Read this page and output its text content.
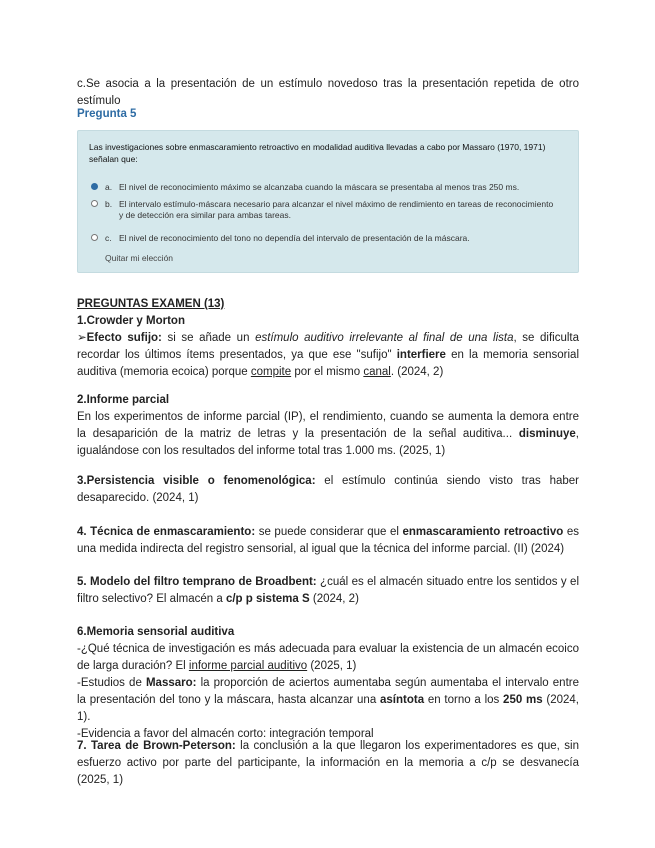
c.Se asocia a la presentación de un estímulo novedoso tras la presentación repetida de otro estímulo

Pregunta 5
Las investigaciones sobre enmascaramiento retroactivo en modalidad auditiva llevadas a cabo por Massaro (1970, 1971) señalan que:
a. El nivel de reconocimiento máximo se alcanzaba cuando la máscara se presentaba al menos tras 250 ms.
b. El intervalo estímulo-máscara necesario para alcanzar el nivel máximo de rendimiento en tareas de reconocimiento y de detección era similar para ambas tareas.
c. El nivel de reconocimiento del tono no dependía del intervalo de presentación de la máscara.
Quitar mi elección
PREGUNTAS EXAMEN (13)
1.Crowder y Morton

➢Efecto sufijo: si se añade un estímulo auditivo irrelevante al final de una lista, se dificulta recordar los últimos ítems presentados, ya que ese "sufijo" interfiere en la memoria sensorial auditiva (memoria ecoica) porque compite por el mismo canal. (2024, 2)

2.Informe parcial

En los experimentos de informe parcial (IP), el rendimiento, cuando se aumenta la demora entre la desaparición de la matriz de letras y la presentación de la señal auditiva... disminuye, igualándose con los resultados del informe total tras 1.000 ms. (2025, 1)

3.Persistencia visible o fenomenológica: el estímulo continúa siendo visto tras haber desaparecido. (2024, 1)

4. Técnica de enmascaramiento: se puede considerar que el enmascaramiento retroactivo es una medida indirecta del registro sensorial, al igual que la técnica del informe parcial. (II) (2024)

5. Modelo del filtro temprano de Broadbent: ¿cuál es el almacén situado entre los sentidos y el filtro selectivo? El almacén a c/p p sistema S (2024, 2)

6.Memoria sensorial auditiva

-¿Qué técnica de investigación es más adecuada para evaluar la existencia de un almacén ecoico de larga duración? El informe parcial auditivo (2025, 1)

-Estudios de Massaro: la proporción de aciertos aumentaba según aumentaba el intervalo entre la presentación del tono y la máscara, hasta alcanzar una asíntota en torno a los 250 ms (2024, 1).

-Evidencia a favor del almacén corto: integración temporal

7. Tarea de Brown-Peterson: la conclusión a la que llegaron los experimentadores es que, sin esfuerzo activo por parte del participante, la información en la memoria a c/p se desvanecía (2025, 1)
